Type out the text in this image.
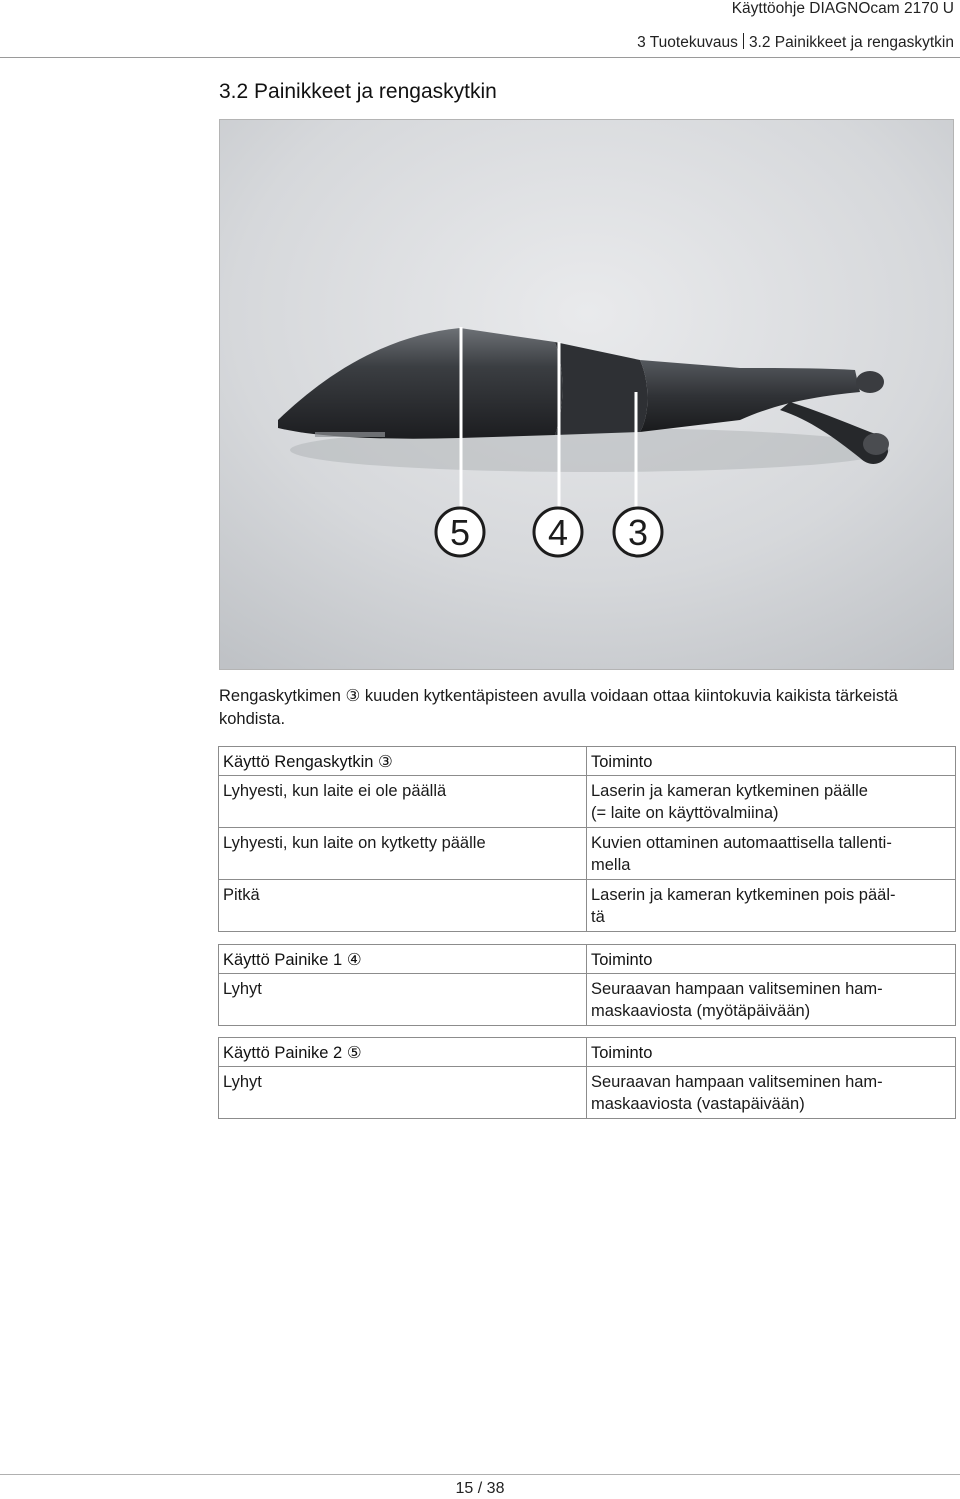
Käyttöohje DIAGNOcam 2170 U
3 Tuotekuvaus 3.2 Painikkeet ja rengaskytkin
3.2 Painikkeet ja rengaskytkin
5 4 3
Rengaskytkimen ③ kuuden kytkentäpisteen avulla voidaan ottaa kiintokuvia kaikista tärkeistä kohdista.
Käyttö Rengaskytkin ③	Toiminto
Lyhyesti, kun laite ei ole päällä	Laserin ja kameran kytkeminen päälle
(= laite on käyttövalmiina)
Lyhyesti, kun laite on kytketty päälle	Kuvien ottaminen automaattisella tallenti-
mella
Pitkä	Laserin ja kameran kytkeminen pois pääl-
tä
Käyttö Painike 1 ④	Toiminto
Lyhyt	Seuraavan hampaan valitseminen ham-
maskaaviosta (myötäpäivään)
Käyttö Painike 2 ⑤	Toiminto
Lyhyt	Seuraavan hampaan valitseminen ham-
maskaaviosta (vastapäivään)
15 / 38
